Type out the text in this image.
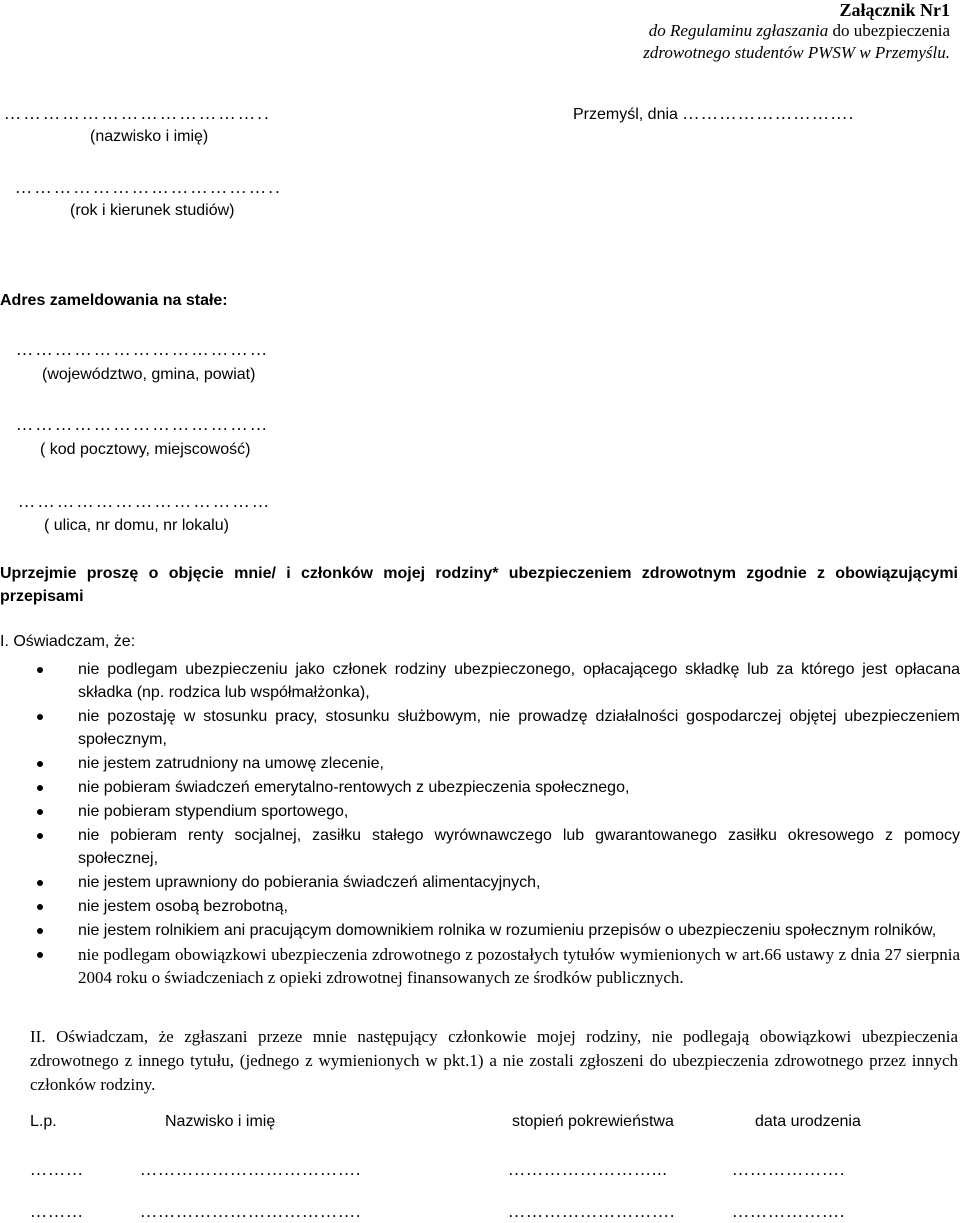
Załącznik Nr1
do Regulaminu zgłaszania do ubezpieczenia
zdrowotnego studentów PWSW w Przemyślu.
…………………………………..
(nazwisko i imię)
Przemyśl, dnia ……………………….
…………………………………..
(rok i kierunek studiów)
Adres zameldowania na stałe:
…………………………………
(województwo, gmina, powiat)
…………………………………
( kod pocztowy, miejscowość)
…………………………………
( ulica, nr domu, nr lokalu)
Uprzejmie proszę o objęcie mnie/ i członków mojej rodziny* ubezpieczeniem zdrowotnym zgodnie z obowiązującymi przepisami
I. Oświadczam, że:
nie podlegam ubezpieczeniu jako członek rodziny ubezpieczonego, opłacającego składkę lub za którego jest opłacana składka (np. rodzica lub współmałżonka),
nie pozostaję w stosunku pracy, stosunku służbowym, nie prowadzę działalności gospodarczej objętej ubezpieczeniem społecznym,
nie jestem zatrudniony na umowę zlecenie,
nie pobieram świadczeń emerytalno-rentowych z ubezpieczenia społecznego,
nie pobieram stypendium sportowego,
nie pobieram renty socjalnej, zasiłku stałego wyrównawczego lub gwarantowanego zasiłku okresowego z pomocy społecznej,
nie jestem uprawniony do pobierania świadczeń alimentacyjnych,
nie jestem osobą bezrobotną,
nie jestem rolnikiem ani pracującym domownikiem rolnika w rozumieniu przepisów o ubezpieczeniu społecznym rolników,
nie podlegam obowiązkowi ubezpieczenia zdrowotnego z pozostałych tytułów wymienionych w art.66 ustawy z dnia 27 sierpnia 2004 roku o świadczeniach z opieki zdrowotnej finansowanych ze środków publicznych.
II. Oświadczam, że zgłaszani przeze mnie następujący członkowie mojej rodziny, nie podlegają obowiązkowi ubezpieczenia zdrowotnego z innego tytułu, (jednego z wymienionych w pkt.1) a nie zostali zgłoszeni do ubezpieczenia zdrowotnego przez innych członków rodziny.
L.p.	Nazwisko i imię	stopień pokrewieństwa	data urodzenia
………	……………………………….	……………………...	……………….
………	……………………………….	……………………….	……………….
